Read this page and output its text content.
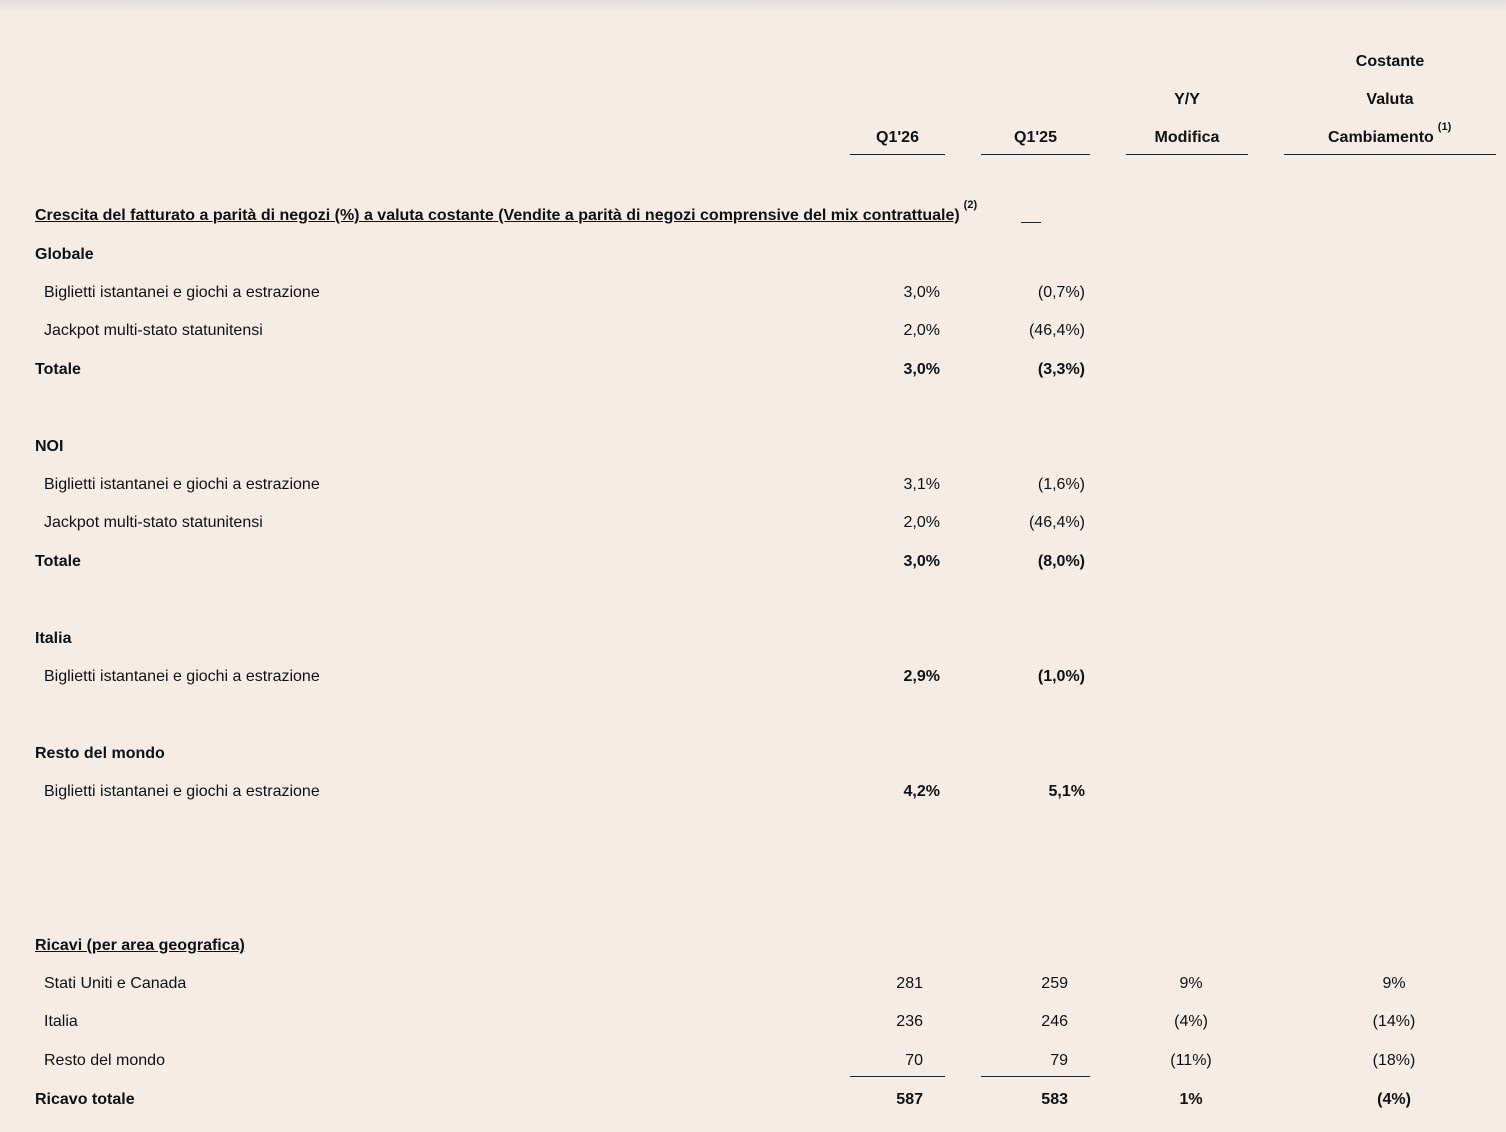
Q1'26	Q1'25
Y/Y
Modifica
Costante
Valuta
Cambiamento$^{(1)}$
Crescita del fatturato a parità di negozi (%) a valuta costante (Vendite a parità di negozi comprensive del mix contrattuale)$^{(2)}$
Globale
Biglietti istantanei e giochi a estrazione	3,0%	(0,7%)
Jackpot multi-stato statunitensi	2,0%	(46,4%)
Totale	3,0%	(3,3%)
NOI
Biglietti istantanei e giochi a estrazione	3,1%	(1,6%)
Jackpot multi-stato statunitensi	2,0%	(46,4%)
Totale	3,0%	(8,0%)
Italia
Biglietti istantanei e giochi a estrazione	2,9%	(1,0%)
Resto del mondo
Biglietti istantanei e giochi a estrazione	4,2%	5,1%
Ricavi (per area geografica)
Stati Uniti e Canada	281	259	9%	9%
Italia	236	246	(4%)	(14%)
Resto del mondo	70	79	(11%)	(18%)
Ricavo totale	587	583	1%	(4%)
